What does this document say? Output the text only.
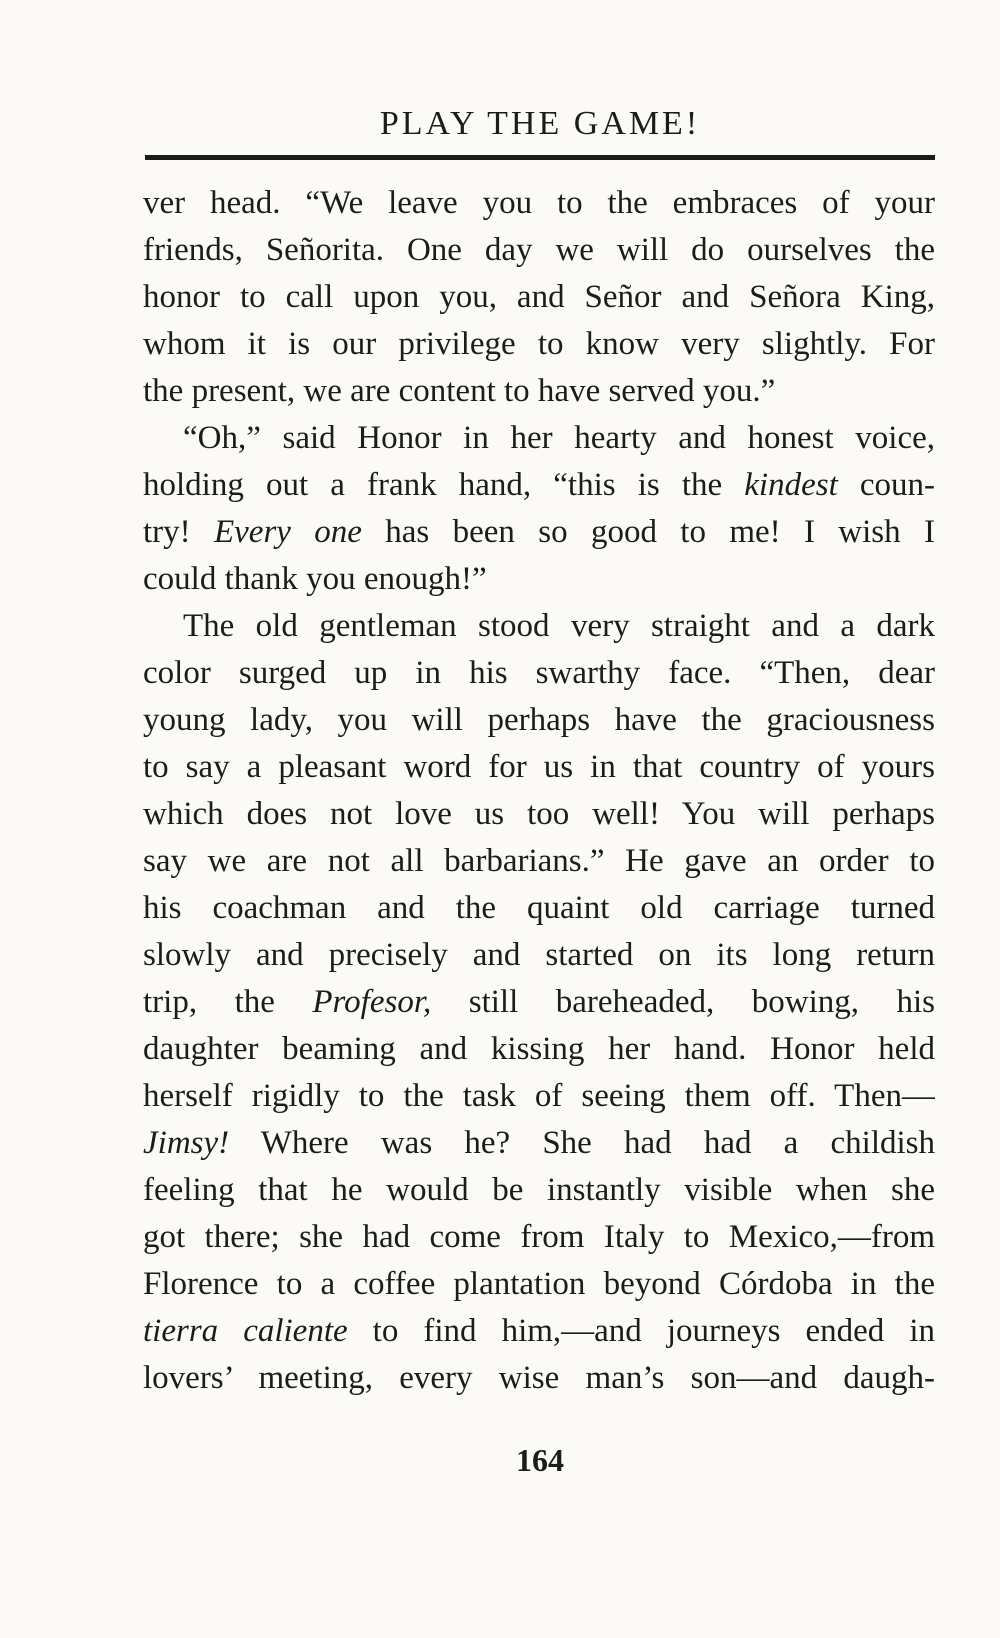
PLAY THE GAME!
ver head. “We leave you to the embraces of your
friends, Señorita. One day we will do ourselves the
honor to call upon you, and Señor and Señora King,
whom it is our privilege to know very slightly. For
the present, we are content to have served you.”
“Oh,” said Honor in her hearty and honest voice,
holding out a frank hand, “this is the kindest coun-
try! Every one has been so good to me! I wish I
could thank you enough!”
The old gentleman stood very straight and a dark
color surged up in his swarthy face. “Then, dear
young lady, you will perhaps have the graciousness
to say a pleasant word for us in that country of yours
which does not love us too well! You will perhaps
say we are not all barbarians.” He gave an order to
his coachman and the quaint old carriage turned
slowly and precisely and started on its long return
trip, the Profesor, still bareheaded, bowing, his
daughter beaming and kissing her hand. Honor held
herself rigidly to the task of seeing them off. Then—
Jimsy! Where was he? She had had a childish
feeling that he would be instantly visible when she
got there; she had come from Italy to Mexico,—from
Florence to a coffee plantation beyond Córdoba in the
tierra caliente to find him,—and journeys ended in
lovers’ meeting, every wise man’s son—and daugh-
164
